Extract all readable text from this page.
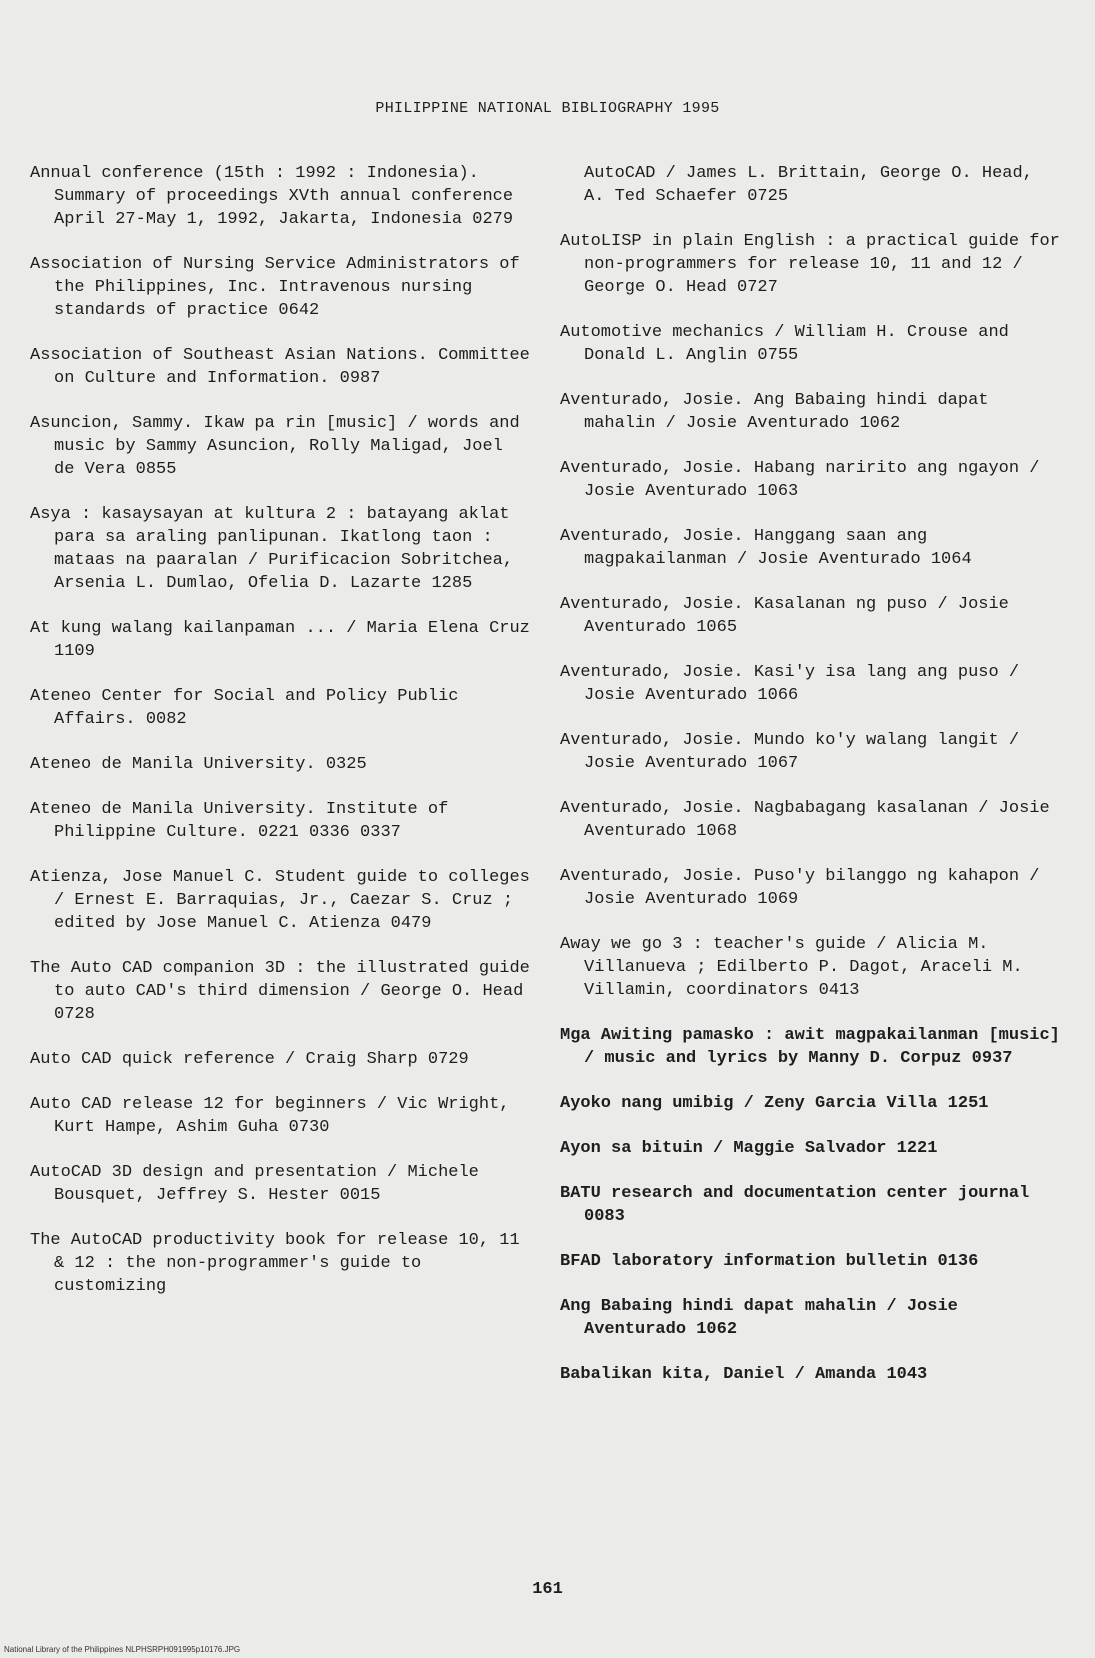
PHILIPPINE NATIONAL BIBLIOGRAPHY 1995
Annual conference (15th : 1992 : Indonesia). Summary of proceedings XVth annual conference April 27-May 1, 1992, Jakarta, Indonesia 0279
Association of Nursing Service Administrators of the Philippines, Inc. Intravenous nursing standards of practice 0642
Association of Southeast Asian Nations. Committee on Culture and Information. 0987
Asuncion, Sammy. Ikaw pa rin [music] / words and music by Sammy Asuncion, Rolly Maligad, Joel de Vera 0855
Asya : kasaysayan at kultura 2 : batayang aklat para sa araling panlipunan. Ikatlong taon : mataas na paaralan / Purificacion Sobritchea, Arsenia L. Dumlao, Ofelia D. Lazarte 1285
At kung walang kailanpaman ... / Maria Elena Cruz 1109
Ateneo Center for Social and Policy Public Affairs. 0082
Ateneo de Manila University. 0325
Ateneo de Manila University. Institute of Philippine Culture. 0221 0336 0337
Atienza, Jose Manuel C. Student guide to colleges / Ernest E. Barraquias, Jr., Caezar S. Cruz ; edited by Jose Manuel C. Atienza 0479
The Auto CAD companion 3D : the illustrated guide to auto CAD's third dimension / George O. Head 0728
Auto CAD quick reference / Craig Sharp 0729
Auto CAD release 12 for beginners / Vic Wright, Kurt Hampe, Ashim Guha 0730
AutoCAD 3D design and presentation / Michele Bousquet, Jeffrey S. Hester 0015
The AutoCAD productivity book for release 10, 11 & 12 : the non-programmer's guide to customizing
AutoCAD / James L. Brittain, George O. Head, A. Ted Schaefer 0725
AutoLISP in plain English : a practical guide for non-programmers for release 10, 11 and 12 / George O. Head 0727
Automotive mechanics / William H. Crouse and Donald L. Anglin 0755
Aventurado, Josie. Ang Babaing hindi dapat mahalin / Josie Aventurado 1062
Aventurado, Josie. Habang naririto ang ngayon / Josie Aventurado 1063
Aventurado, Josie. Hanggang saan ang magpakailanman / Josie Aventurado 1064
Aventurado, Josie. Kasalanan ng puso / Josie Aventurado 1065
Aventurado, Josie. Kasi'y isa lang ang puso / Josie Aventurado 1066
Aventurado, Josie. Mundo ko'y walang langit / Josie Aventurado 1067
Aventurado, Josie. Nagbabagang kasalanan / Josie Aventurado 1068
Aventurado, Josie. Puso'y bilanggo ng kahapon / Josie Aventurado 1069
Away we go 3 : teacher's guide / Alicia M. Villanueva ; Edilberto P. Dagot, Araceli M. Villamin, coordinators 0413
Mga Awiting pamasko : awit magpakailanman [music] / music and lyrics by Manny D. Corpuz 0937
Ayoko nang umibig / Zeny Garcia Villa 1251
Ayon sa bituin / Maggie Salvador 1221
BATU research and documentation center journal 0083
BFAD laboratory information bulletin 0136
Ang Babaing hindi dapat mahalin / Josie Aventurado 1062
Babalikan kita, Daniel / Amanda 1043
161
National Library of the Philippines NLPHSRPH091995p10176.JPG
